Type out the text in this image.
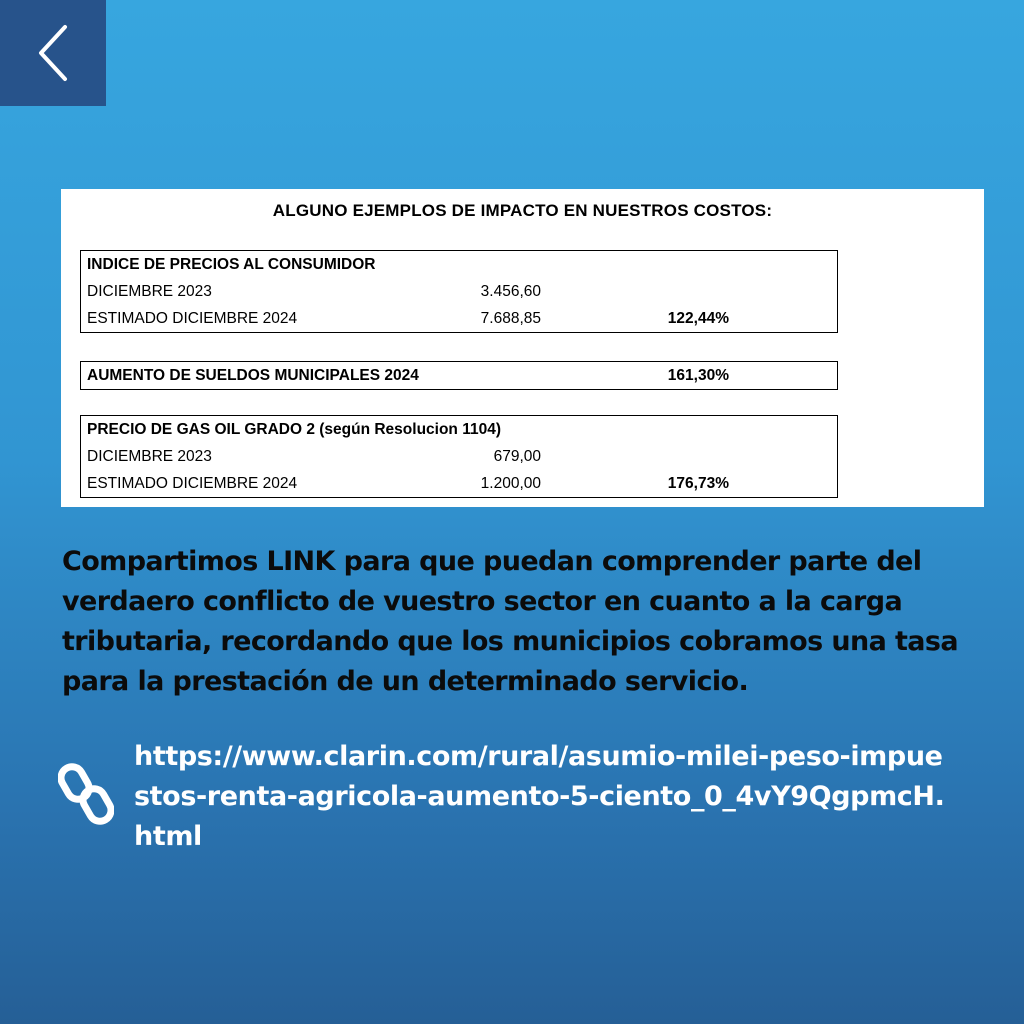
ALGUNO EJEMPLOS DE IMPACTO EN NUESTROS COSTOS:
INDICE DE PRECIOS AL CONSUMIDOR
DICIEMBRE 2023	3.456,60
ESTIMADO DICIEMBRE 2024	7.688,85	122,44%
AUMENTO DE SUELDOS MUNICIPALES 2024	161,30%
PRECIO DE GAS OIL GRADO 2 (según Resolucion 1104)
DICIEMBRE 2023	679,00
ESTIMADO DICIEMBRE 2024	1.200,00	176,73%
Compartimos LINK para que puedan comprender parte del verdaero conflicto de vuestro sector en cuanto a la carga tributaria, recordando que los municipios cobramos una tasa para la prestación de un determinado servicio.
https://www.clarin.com/rural/asumio-milei-peso-impuestos-renta-agricola-aumento-5-ciento_0_4vY9QgpmcH.html
